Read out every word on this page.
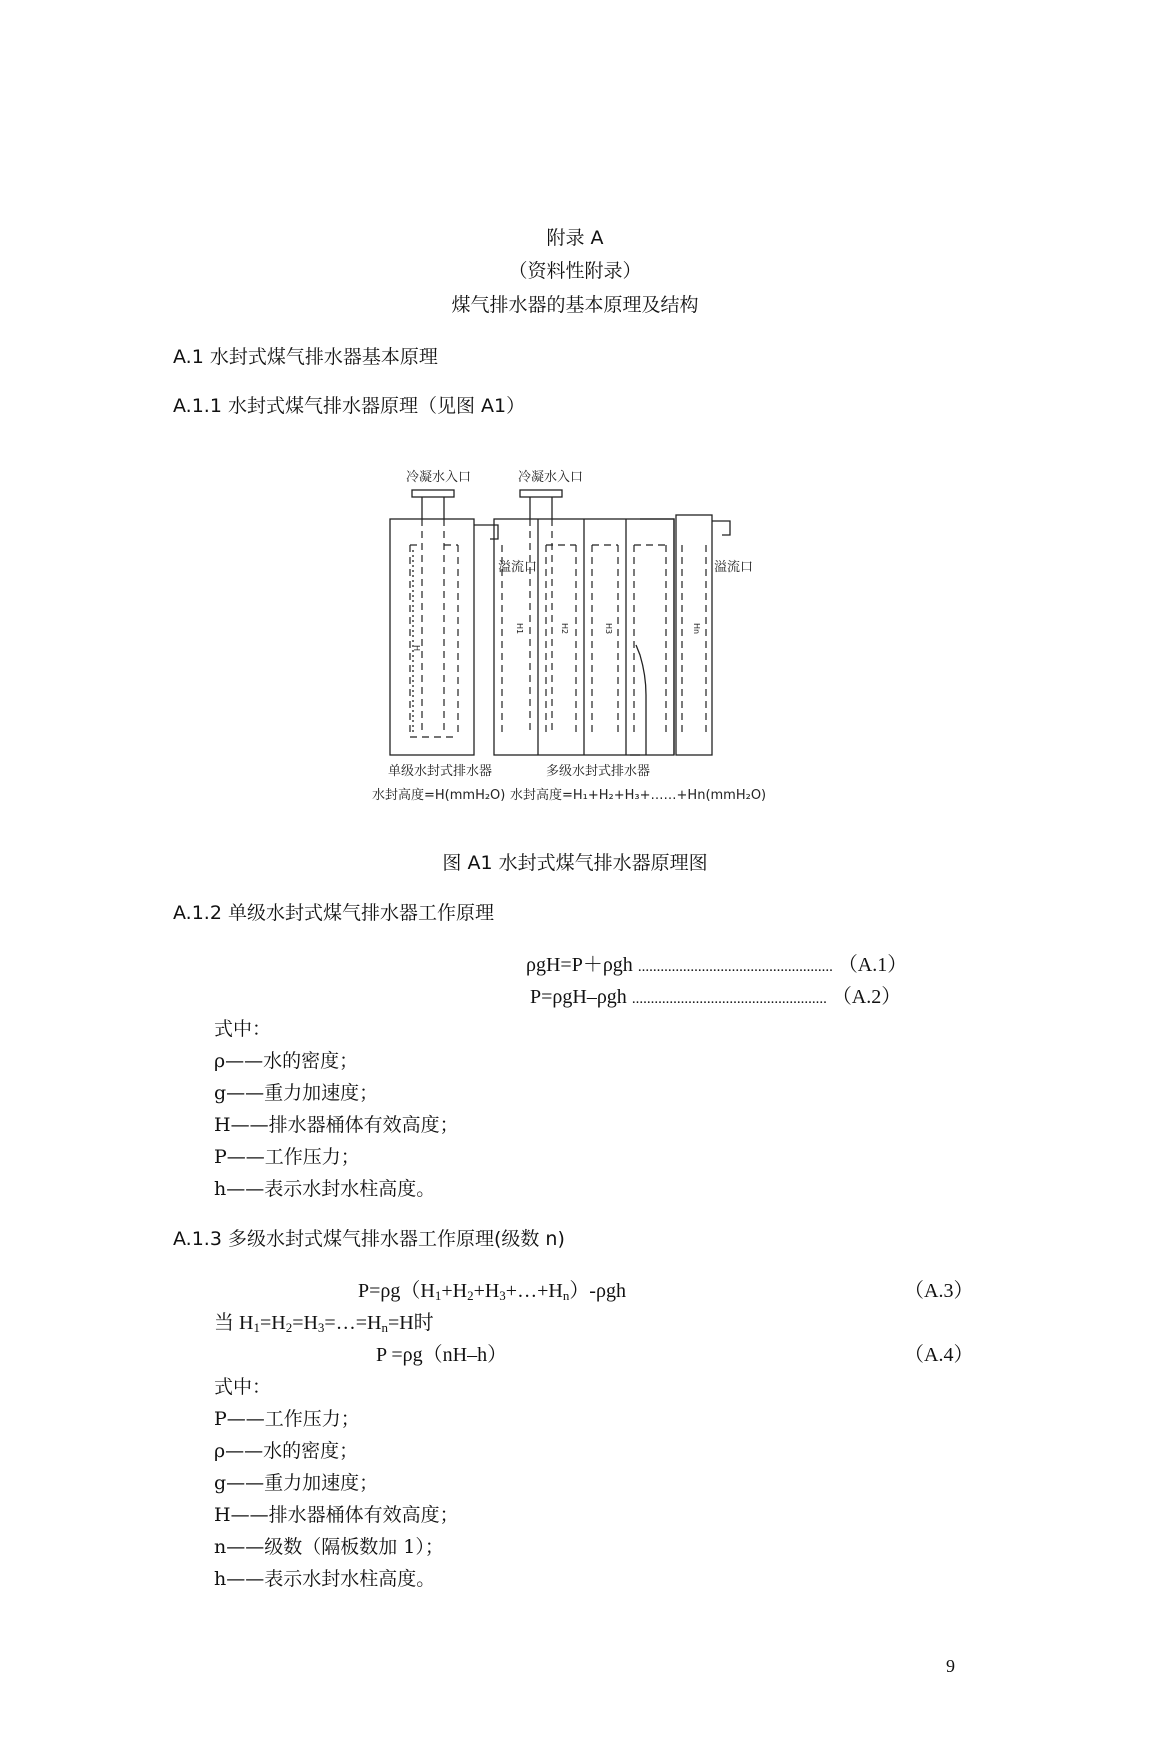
附录 A
（资料性附录）
煤气排水器的基本原理及结构
A.1 水封式煤气排水器基本原理
A.1.1 水封式煤气排水器原理（见图 A1）
冷凝水入口
溢流口
H
单级水封式排水器
水封高度=H(mmH₂O)
冷凝水入口
溢流口
H1	H2	H3	Hn
多级水封式排水器
水封高度=H₁+H₂+H₃+……+Hn(mmH₂O)
图 A1 水封式煤气排水器原理图
A.1.2 单级水封式煤气排水器工作原理
ρgH=P＋ρgh .................................................... （A.1）
P=ρgH–ρgh .................................................... （A.2）
式中：
ρ——水的密度；
g——重力加速度；
H——排水器桶体有效高度；
P——工作压力；
h——表示水封水柱高度。
A.1.3 多级水封式煤气排水器工作原理(级数 n)
$P=\rho g(H_1+H_2+H_3+\dots+H_n)$-ρgh	（A.3）
当 $H_1=H_2=H_3=\dots=H_n=H$时
P =ρg（nH–h）	（A.4）
式中：
P——工作压力；
ρ——水的密度；
g——重力加速度；
H——排水器桶体有效高度；
n——级数（隔板数加 1）；
h——表示水封水柱高度。
9
